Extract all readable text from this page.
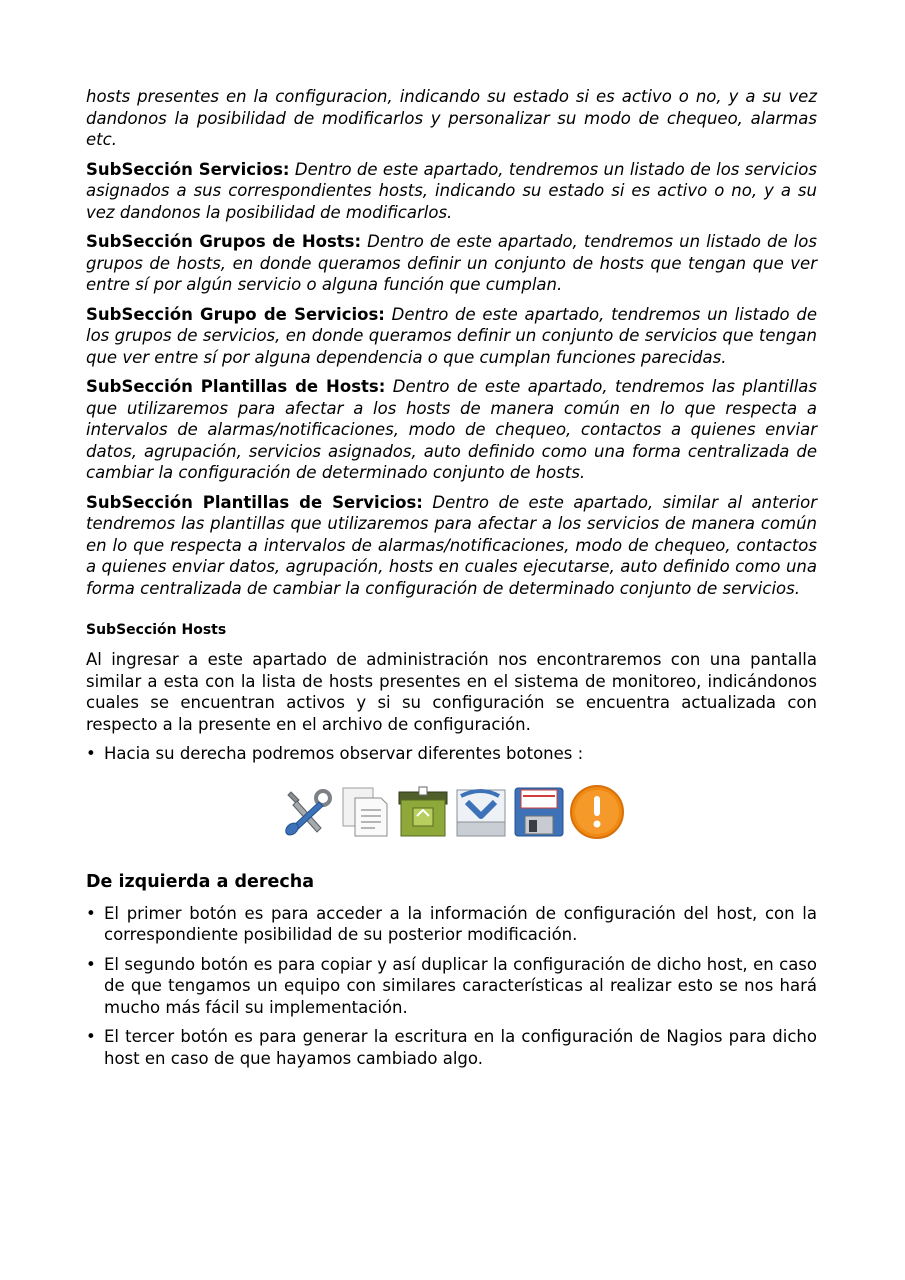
hosts presentes en la configuracion, indicando su estado si es activo o no, y a su vez dandonos la posibilidad de modificarlos y personalizar su modo de chequeo, alarmas etc.

SubSección Servicios: Dentro de este apartado, tendremos un listado de los servicios asignados a sus correspondientes hosts, indicando su estado si es activo o no, y a su vez dandonos la posibilidad de modificarlos.

SubSección Grupos de Hosts: Dentro de este apartado, tendremos un listado de los grupos de hosts, en donde queramos definir un conjunto de hosts que tengan que ver entre sí por algún servicio o alguna función que cumplan.

SubSección Grupo de Servicios: Dentro de este apartado, tendremos un listado de los grupos de servicios, en donde queramos definir un conjunto de servicios que tengan que ver entre sí por alguna dependencia o que cumplan funciones parecidas.

SubSección Plantillas de Hosts: Dentro de este apartado, tendremos las plantillas que utilizaremos para afectar a los hosts de manera común en lo que respecta a intervalos de alarmas/notificaciones, modo de chequeo, contactos a quienes enviar datos, agrupación, servicios asignados, auto definido como una forma centralizada de cambiar la configuración de determinado conjunto de hosts.

SubSección Plantillas de Servicios: Dentro de este apartado, similar al anterior tendremos las plantillas que utilizaremos para afectar a los servicios de manera común en lo que respecta a intervalos de alarmas/notificaciones, modo de chequeo, contactos a quienes enviar datos, agrupación, hosts en cuales ejecutarse, auto definido como una forma centralizada de cambiar la configuración de determinado conjunto de servicios.

SubSección Hosts

Al ingresar a este apartado de administración nos encontraremos con una pantalla similar a esta con la lista de hosts presentes en el sistema de monitoreo, indicándonos cuales se encuentran activos y si su configuración se encuentra actualizada con respecto a la presente en el archivo de configuración.

• Hacia su derecha podremos observar diferentes botones :
De izquierda a derecha
• El primer botón es para acceder a la información de configuración del host, con la correspondiente posibilidad de su posterior modificación.
• El segundo botón es para copiar y así duplicar la configuración de dicho host, en caso de que tengamos un equipo con similares características al realizar esto se nos hará mucho más fácil su implementación.
• El tercer botón es para generar la escritura en la configuración de Nagios para dicho host en caso de que hayamos cambiado algo.
